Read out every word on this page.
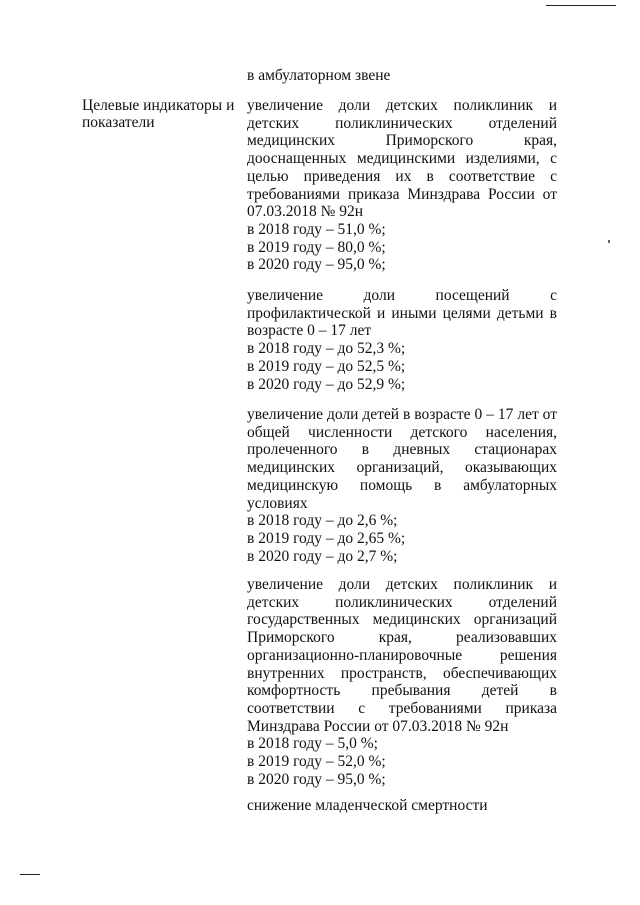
в амбулаторном звене
Целевые индикаторы и
показатели
увеличение доли детских поликлиник и
детских поликлинических отделений
медицинских Приморского края,
дооснащенных медицинскими изделиями, с
целью приведения их в соответствие с
требованиями приказа Минздрава России от
07.03.2018 № 92н
в 2018 году – 51,0 %;
в 2019 году – 80,0 %;
в 2020 году – 95,0 %;
увеличение доли посещений с
профилактической и иными целями детьми в
возрасте 0 – 17 лет
в 2018 году – до 52,3 %;
в 2019 году – до 52,5 %;
в 2020 году – до 52,9 %;
увеличение доли детей в возрасте 0 – 17 лет от
общей численности детского населения,
пролеченного в дневных стационарах
медицинских организаций, оказывающих
медицинскую помощь в амбулаторных
условиях
в 2018 году – до 2,6 %;
в 2019 году – до 2,65 %;
в 2020 году – до 2,7 %;
увеличение доли детских поликлиник и
детских поликлинических отделений
государственных медицинских организаций
Приморского края, реализовавших
организационно-планировочные решения
внутренних пространств, обеспечивающих
комфортность пребывания детей в
соответствии с требованиями приказа
Минздрава России от 07.03.2018 № 92н
в 2018 году – 5,0 %;
в 2019 году – 52,0 %;
в 2020 году – 95,0 %;
снижение младенческой смертности
